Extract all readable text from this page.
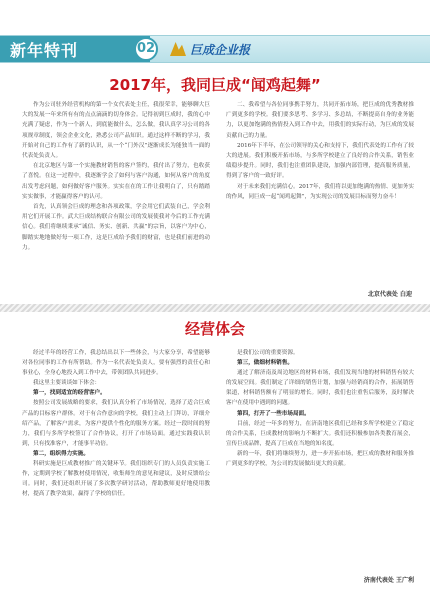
新年特刊	02	巨成企业报
2017年，我同巨成“闻鸡起舞”

作为公司驻外经营机构的第一个女代表处主任，我很荣幸，能够聊大巨大的发展一年来所有有的点点滴滴的切身体会。记得初到巨成时，我的心中充满了疑虑，作为一个新人，到底能做什么，怎么做，我认真学习公司的各项规章制度，领会企业文化，熟悉公司产品知识。通过这样不断的学习，我开始对自己的工作有了新的认识，从一个“门外汉”逐渐成长为能独当一面的代表处负责人。

在北京地区与第一个实施教材销售的客户签约，我付出了努力，也收获了喜悦。在这一过程中，我逐渐学会了如何与客户沟通，如何从客户的角度出发考虑问题，如何做好客户服务。实实在在的工作让我明白了，只有踏踏实实做事，才能赢得客户的认可。

首先，认真领会巨成的理念和各项政策，学会用它们武装自己，学会利用它们开展工作。武大巨成结构联合有限公司的发展使我对今后的工作充满信心。我们将继续秉承“诚信、务实、创新、共赢”的宗旨，以客户为中心，脚踏实地地做好每一项工作，这是巨成给予我们的财富，也是我们前进的动力。

二、我希望与各位同事携手努力，共同开拓市场，把巨成的优秀教材推广到更多的学校。我们要多思考、多学习、多总结，不断提高自身的业务能力，以更加饱满的热情投入到工作中去，用我们的实际行动，为巨成的发展贡献自己的力量。

2016年下半年，在公司领导的关心和支持下，我们代表处的工作有了较大的进展。我们积极开拓市场，与多所学校建立了良好的合作关系，销售业绩稳步提升。同时，我们也注重团队建设，加强内部管理，提高服务质量，得到了客户的一致好评。

对于未来我们充满信心。2017年，我们将以更加饱满的热情、更加务实的作风，同巨成一起“闻鸡起舞”，为实现公司的发展目标而努力奋斗！

北京代表处 白迎
经营体会

经过半年的经营工作，我总结出以下一些体会，与大家分享，希望能够对各位同事的工作有所帮助。作为一名代表处负责人，要有强烈的责任心和事业心，全身心地投入到工作中去，带领团队共同进步。

我这里主要谈谈如下体会：

第一，找到适宜的经营客户。

按照公司发展战略的要求，我们认真分析了市场情况，选择了适合巨成产品的目标客户群体。对于有合作意向的学校，我们主动上门拜访，详细介绍产品，了解客户需求，为客户提供个性化的服务方案。经过一段时间的努力，我们与多所学校签订了合作协议，打开了市场局面。通过实践我认识到，只有找准客户，才能事半功倍。

第二，组织得力实施。

科研实施是巨成教材推广的关键环节。我们组织专门的人员负责实施工作，定期到学校了解教材使用情况，收集师生的意见和建议，及时反馈给公司。同时，我们还组织开展了多次教学研讨活动，帮助教师更好地使用教材，提高了教学效果，赢得了学校的信任。

是我们公司的重要资源。

第三，做细材料销售。

通过了解济南及周边地区的材料市场，我们发现当地的材料销售有较大的发展空间。我们制定了详细的销售计划，加强与经销商的合作，拓展销售渠道，材料销售额有了明显的增长。同时，我们也注重售后服务，及时解决客户在使用中遇到的问题。

第四，打开了一些市场局面。

目前，经过一年多的努力，在济南地区我们已经和多所学校建立了稳定的合作关系，巨成教材的影响力不断扩大。我们还积极参加各类教育展会，宣传巨成品牌，提高了巨成在当地的知名度。

新的一年，我们将继续努力，进一步开拓市场，把巨成的教材和服务推广到更多的学校，为公司的发展做出更大的贡献。

济南代表处 王广利
